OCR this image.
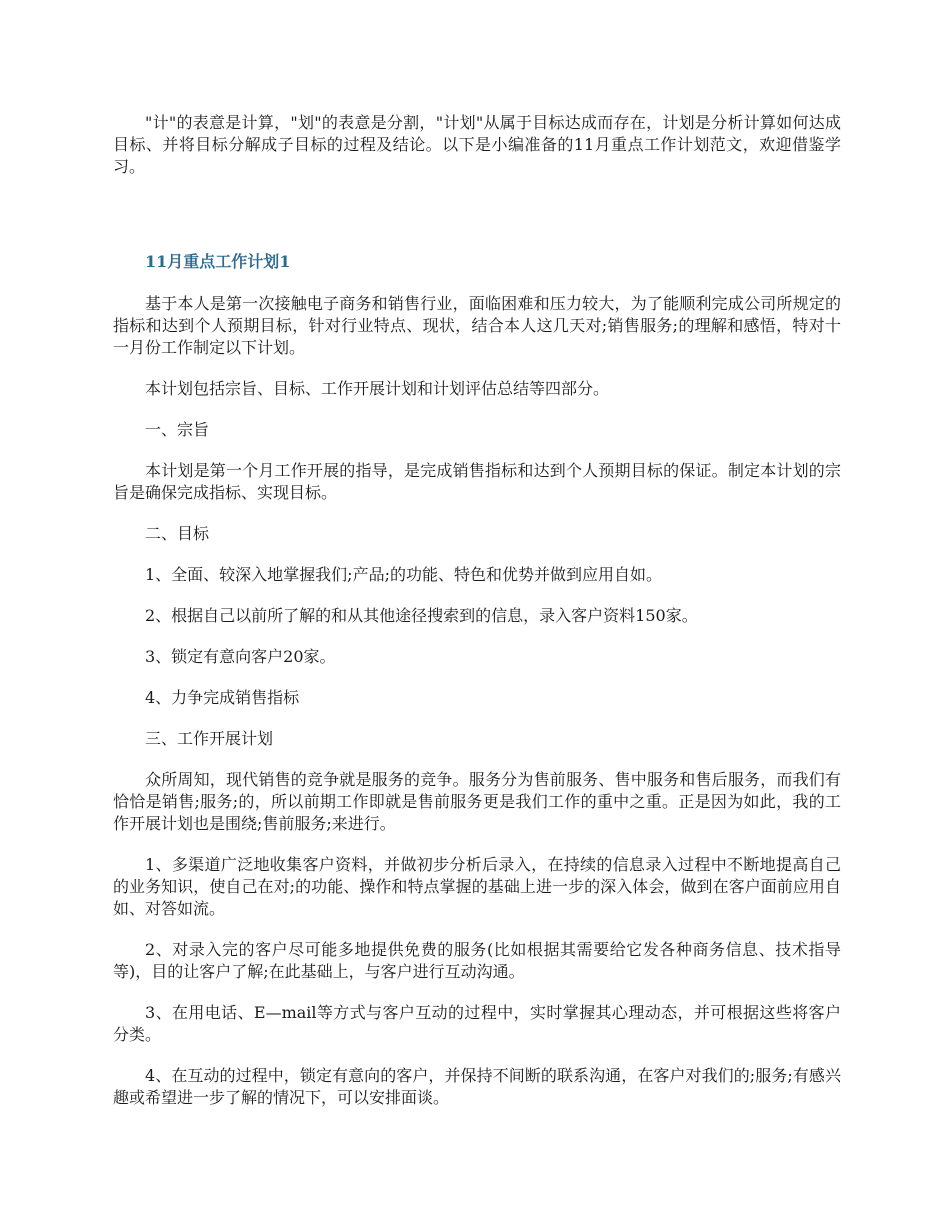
"计"的表意是计算，"划"的表意是分割，"计划"从属于目标达成而存在，计划是分析计算如何达成目标、并将目标分解成子目标的过程及结论。以下是小编准备的11月重点工作计划范文，欢迎借鉴学习。

11月重点工作计划1

基于本人是第一次接触电子商务和销售行业，面临困难和压力较大，为了能顺利完成公司所规定的指标和达到个人预期目标，针对行业特点、现状，结合本人这几天对;销售服务;的理解和感悟，特对十一月份工作制定以下计划。

本计划包括宗旨、目标、工作开展计划和计划评估总结等四部分。

一、宗旨

本计划是第一个月工作开展的指导，是完成销售指标和达到个人预期目标的保证。制定本计划的宗旨是确保完成指标、实现目标。

二、目标

1、全面、较深入地掌握我们;产品;的功能、特色和优势并做到应用自如。

2、根据自己以前所了解的和从其他途径搜索到的信息，录入客户资料150家。

3、锁定有意向客户20家。

4、力争完成销售指标

三、工作开展计划

众所周知，现代销售的竞争就是服务的竞争。服务分为售前服务、售中服务和售后服务，而我们有恰恰是销售;服务;的，所以前期工作即就是售前服务更是我们工作的重中之重。正是因为如此，我的工作开展计划也是围绕;售前服务;来进行。

1、多渠道广泛地收集客户资料，并做初步分析后录入，在持续的信息录入过程中不断地提高自己的业务知识，使自己在对;的功能、操作和特点掌握的基础上进一步的深入体会，做到在客户面前应用自如、对答如流。

2、对录入完的客户尽可能多地提供免费的服务(比如根据其需要给它发各种商务信息、技术指导等)，目的让客户了解;在此基础上，与客户进行互动沟通。

3、在用电话、E—mail等方式与客户互动的过程中，实时掌握其心理动态，并可根据这些将客户分类。

4、在互动的过程中，锁定有意向的客户，并保持不间断的联系沟通，在客户对我们的;服务;有感兴趣或希望进一步了解的情况下，可以安排面谈。
